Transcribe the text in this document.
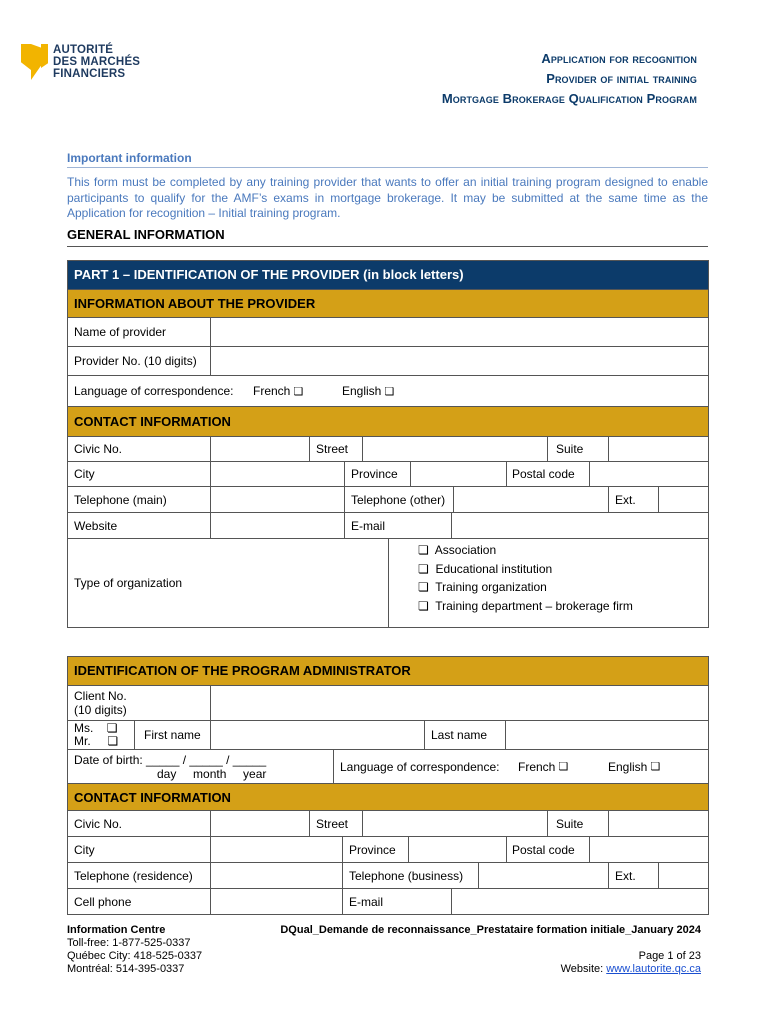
AUTORITÉ
DES MARCHÉS
FINANCIERS
Application for recognition
Provider of initial training
Mortgage Brokerage Qualification Program
Important information
This form must be completed by any training provider that wants to offer an initial training program designed to enable participants to qualify for the AMF’s exams in mortgage brokerage. It may be submitted at the same time as the Application for recognition – Initial training program.
GENERAL INFORMATION
PART 1 – IDENTIFICATION OF THE PROVIDER (in block letters)
INFORMATION ABOUT THE PROVIDER
Name of provider
Provider No. (10 digits)
Language of correspondence:	French ❏	English ❏
CONTACT INFORMATION
Civic No.	Street	Suite
City	Province	Postal code
Telephone (main)	Telephone (other)	Ext.
Website	E-mail
Type of organization
❏ Association
❏ Educational institution
❏ Training organization
❏ Training department – brokerage firm
IDENTIFICATION OF THE PROGRAM ADMINISTRATOR
Client No.
(10 digits)
Ms. ❏
Mr. ❏	First name	Last name
Date of birth: _____ / _____ / _____
day     month     year	Language of correspondence: French ❏	English ❏
CONTACT INFORMATION
Civic No.	Street	Suite
City	Province	Postal code
Telephone (residence)	Telephone (business)	Ext.
Cell phone	E-mail
Information Centre
Toll-free: 1-877-525-0337
Québec City: 418-525-0337
Montréal: 514-395-0337
DQual_Demande de reconnaissance_Prestataire formation initiale_January 2024
Page 1 of 23
Website: www.lautorite.qc.ca
